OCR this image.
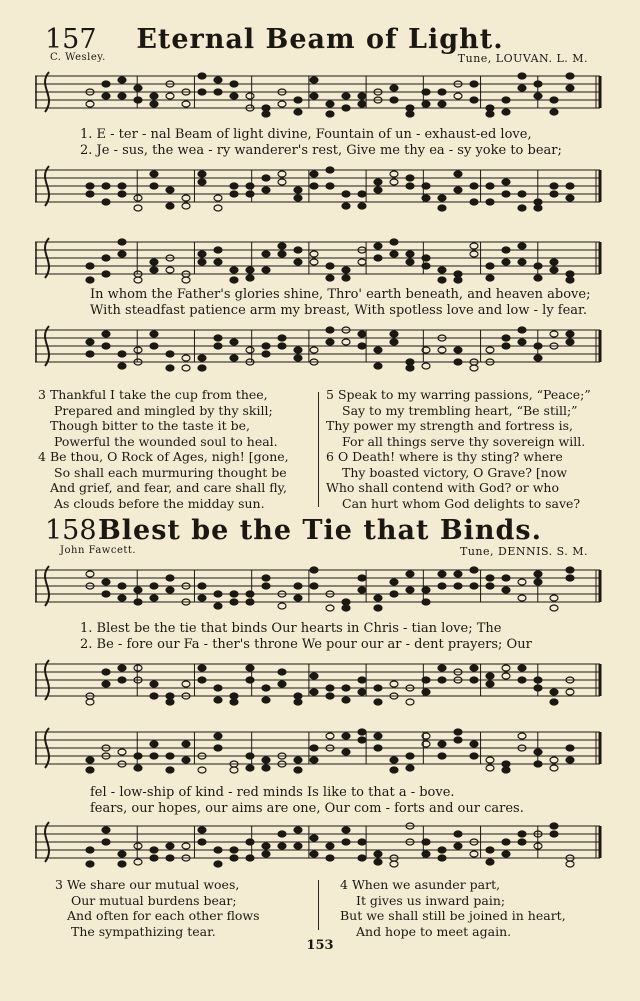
157	Eternal Beam of Light.
C. Wesley.	Tune, LOUVAN. L. M.
1. E - ter - nal Beam of light divine, Fountain of un - exhaust-ed love,
2. Je - sus, the wea - ry wanderer's rest, Give me thy ea - sy yoke to bear;
In whom the Father's glories shine, Thro' earth beneath, and heaven above;
With steadfast patience arm my breast, With spotless love and low - ly fear.
3 Thankful I take the cup from thee,
Prepared and mingled by thy skill;
Though bitter to the taste it be,
Powerful the wounded soul to heal.
4 Be thou, O Rock of Ages, nigh! [gone,
So shall each murmuring thought be
And grief, and fear, and care shall fly,
As clouds before the midday sun.
5 Speak to my warring passions, “Peace;”
Say to my trembling heart, “Be still;”
Thy power my strength and fortress is,
For all things serve thy sovereign will.
6 O Death! where is thy sting? where
Thy boasted victory, O Grave? [now
Who shall contend with God? or who
Can hurt whom God delights to save?
158 Blest be the Tie that Binds.
John Fawcett.	Tune, DENNIS. S. M.
1. Blest be the tie that binds Our hearts in Chris - tian love; The
2. Be - fore our Fa - ther's throne We pour our ar - dent prayers; Our
fel - low-ship of kind - red minds Is like to that a - bove.
fears, our hopes, our aims are one, Our com - forts and our cares.
3 We share our mutual woes,
Our mutual burdens bear;
And often for each other flows
The sympathizing tear.
4 When we asunder part,
It gives us inward pain;
But we shall still be joined in heart,
And hope to meet again.
153
